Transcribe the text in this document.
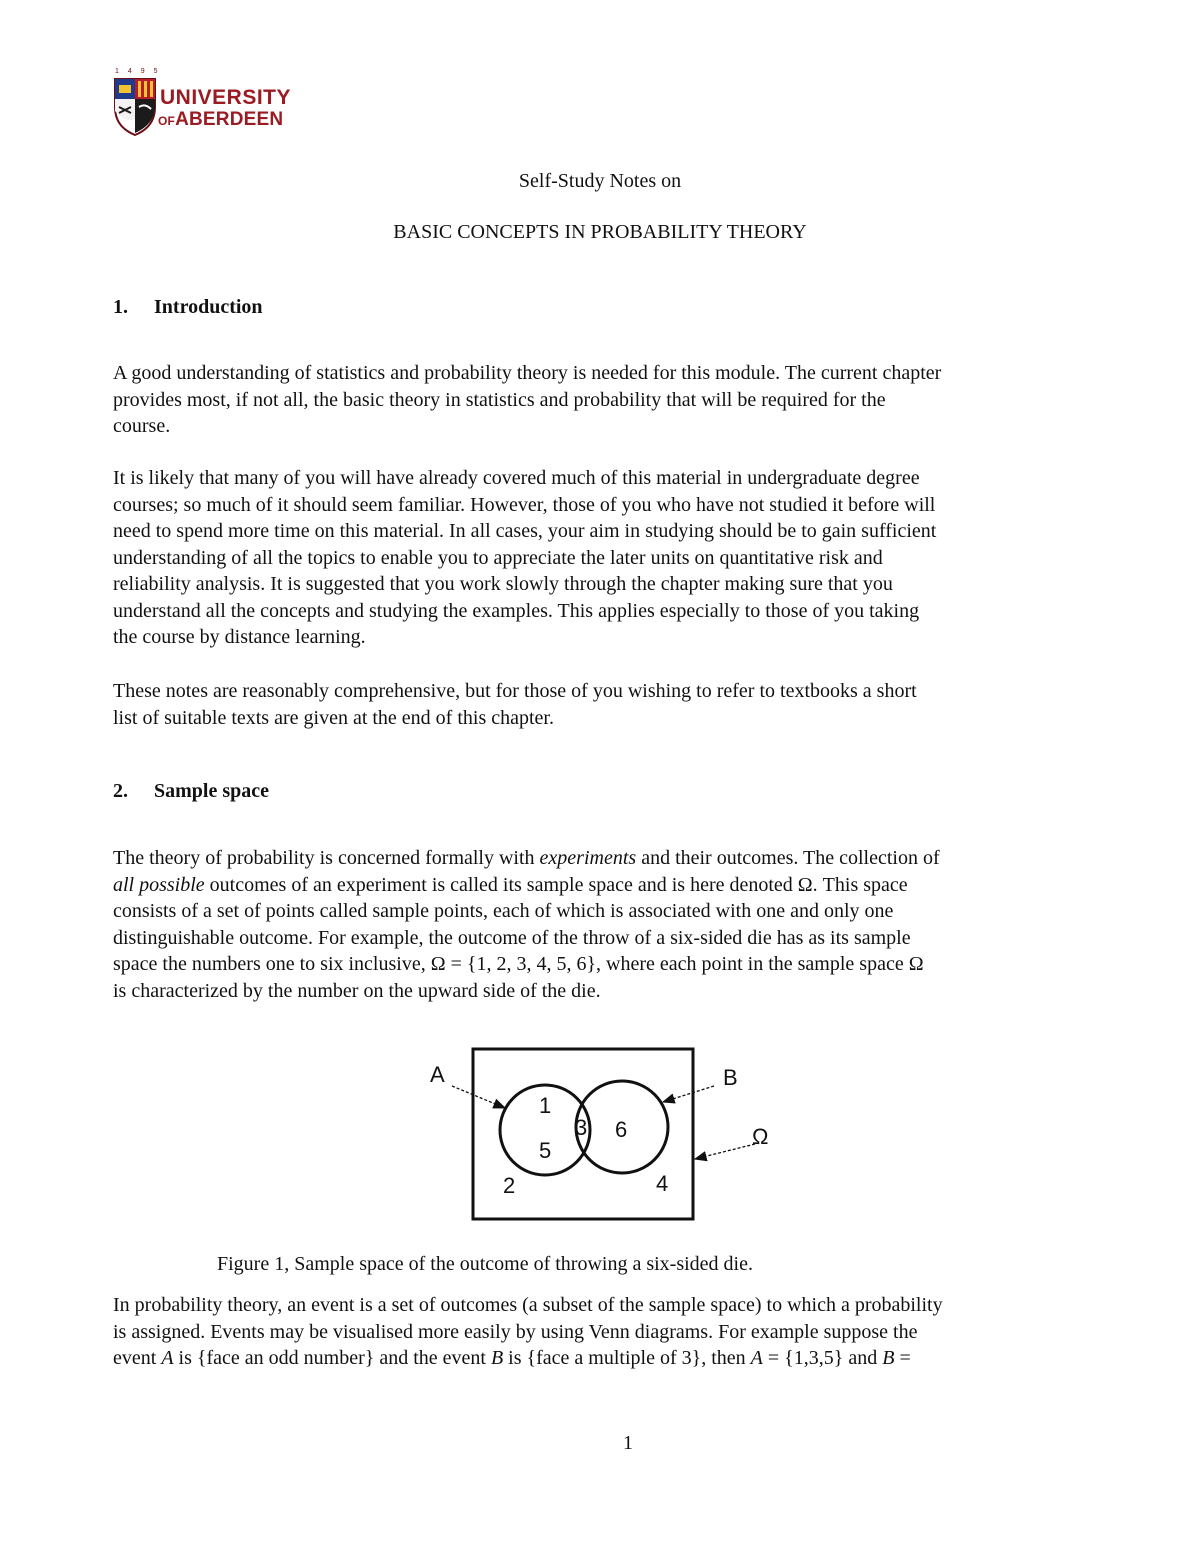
1495
UNIVERSITY
OFABERDEEN
Self-Study Notes on
BASIC CONCEPTS IN PROBABILITY THEORY
1. Introduction
A good understanding of statistics and probability theory is needed for this module. The current chapter
provides most, if not all, the basic theory in statistics and probability that will be required for the
course.
It is likely that many of you will have already covered much of this material in undergraduate degree
courses; so much of it should seem familiar. However, those of you who have not studied it before will
need to spend more time on this material. In all cases, your aim in studying should be to gain sufficient
understanding of all the topics to enable you to appreciate the later units on quantitative risk and
reliability analysis. It is suggested that you work slowly through the chapter making sure that you
understand all the concepts and studying the examples. This applies especially to those of you taking
the course by distance learning.
These notes are reasonably comprehensive, but for those of you wishing to refer to textbooks a short
list of suitable texts are given at the end of this chapter.
2. Sample space
The theory of probability is concerned formally with experiments and their outcomes. The collection of
all possible outcomes of an experiment is called its sample space and is here denoted Ω. This space
consists of a set of points called sample points, each of which is associated with one and only one
distinguishable outcome. For example, the outcome of the throw of a six-sided die has as its sample
space the numbers one to six inclusive, Ω = {1, 2, 3, 4, 5, 6}, where each point in the sample space Ω
is characterized by the number on the upward side of the die.
A	B
Ω
1
5
3 6
2	4
Figure 1, Sample space of the outcome of throwing a six-sided die.
In probability theory, an event is a set of outcomes (a subset of the sample space) to which a probability
is assigned. Events may be visualised more easily by using Venn diagrams. For example suppose the
event A is {face an odd number} and the event B is {face a multiple of 3}, then A = {1,3,5} and B =
1
